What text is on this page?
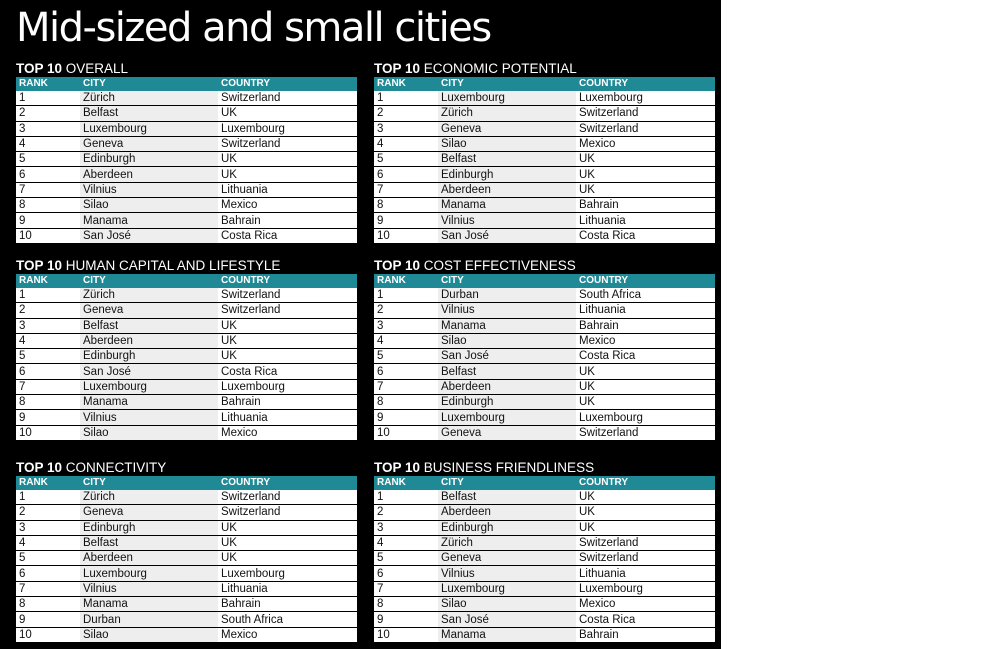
Mid-sized and small cities
TOP 10 OVERALL
RANK	CITY	COUNTRY
1	Zürich	Switzerland
2	Belfast	UK
3	Luxembourg	Luxembourg
4	Geneva	Switzerland
5	Edinburgh	UK
6	Aberdeen	UK
7	Vilnius	Lithuania
8	Silao	Mexico
9	Manama	Bahrain
10	San José	Costa Rica
TOP 10 ECONOMIC POTENTIAL
RANK	CITY	COUNTRY
1	Luxembourg	Luxembourg
2	Zürich	Switzerland
3	Geneva	Switzerland
4	Silao	Mexico
5	Belfast	UK
6	Edinburgh	UK
7	Aberdeen	UK
8	Manama	Bahrain
9	Vilnius	Lithuania
10	San José	Costa Rica
TOP 10 HUMAN CAPITAL AND LIFESTYLE
RANK	CITY	COUNTRY
1	Zürich	Switzerland
2	Geneva	Switzerland
3	Belfast	UK
4	Aberdeen	UK
5	Edinburgh	UK
6	San José	Costa Rica
7	Luxembourg	Luxembourg
8	Manama	Bahrain
9	Vilnius	Lithuania
10	Silao	Mexico
TOP 10 COST EFFECTIVENESS
RANK	CITY	COUNTRY
1	Durban	South Africa
2	Vilnius	Lithuania
3	Manama	Bahrain
4	Silao	Mexico
5	San José	Costa Rica
6	Belfast	UK
7	Aberdeen	UK
8	Edinburgh	UK
9	Luxembourg	Luxembourg
10	Geneva	Switzerland
TOP 10 CONNECTIVITY
RANK	CITY	COUNTRY
1	Zürich	Switzerland
2	Geneva	Switzerland
3	Edinburgh	UK
4	Belfast	UK
5	Aberdeen	UK
6	Luxembourg	Luxembourg
7	Vilnius	Lithuania
8	Manama	Bahrain
9	Durban	South Africa
10	Silao	Mexico
TOP 10 BUSINESS FRIENDLINESS
RANK	CITY	COUNTRY
1	Belfast	UK
2	Aberdeen	UK
3	Edinburgh	UK
4	Zürich	Switzerland
5	Geneva	Switzerland
6	Vilnius	Lithuania
7	Luxembourg	Luxembourg
8	Silao	Mexico
9	San José	Costa Rica
10	Manama	Bahrain
